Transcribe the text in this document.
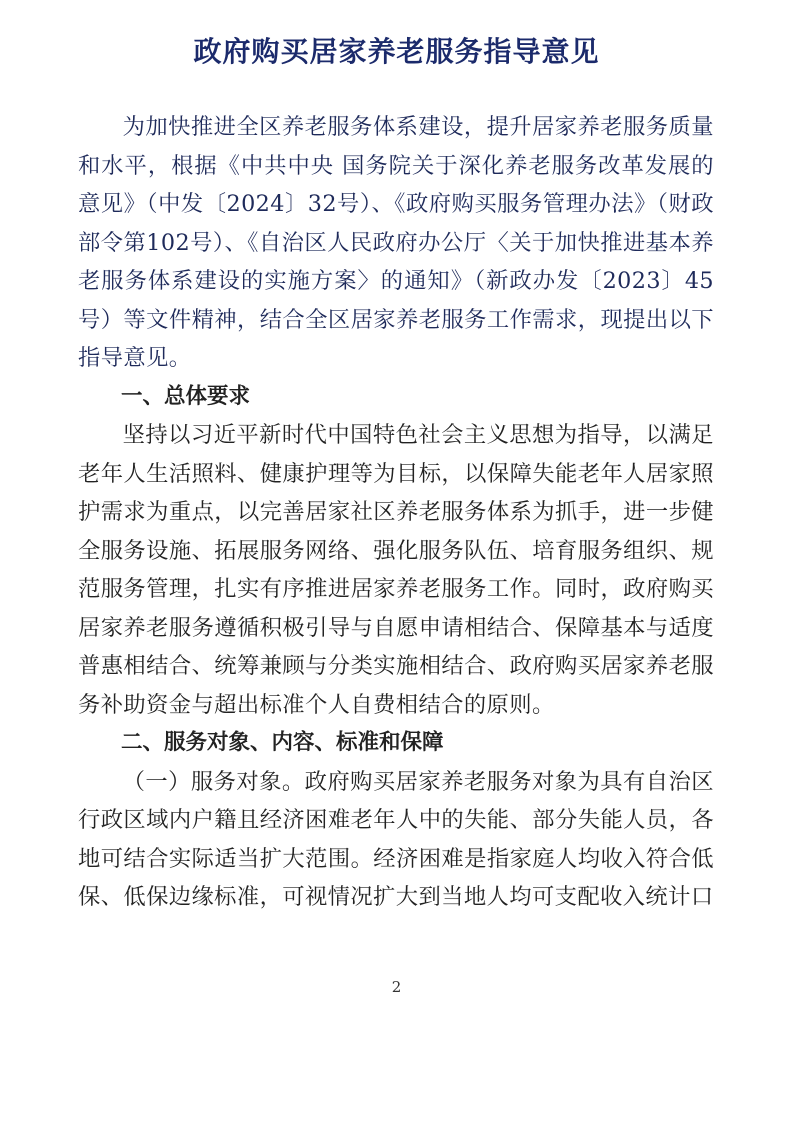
政府购买居家养老服务指导意见

为加快推进全区养老服务体系建设，提升居家养老服务质量和水平，根据《中共中央 国务院关于深化养老服务改革发展的意见》（中发〔2024〕32号）、《政府购买服务管理办法》（财政部令第102号）、《自治区人民政府办公厅〈关于加快推进基本养老服务体系建设的实施方案〉的通知》（新政办发〔2023〕45号）等文件精神，结合全区居家养老服务工作需求，现提出以下指导意见。

一、总体要求

坚持以习近平新时代中国特色社会主义思想为指导，以满足老年人生活照料、健康护理等为目标，以保障失能老年人居家照护需求为重点，以完善居家社区养老服务体系为抓手，进一步健全服务设施、拓展服务网络、强化服务队伍、培育服务组织、规范服务管理，扎实有序推进居家养老服务工作。同时，政府购买居家养老服务遵循积极引导与自愿申请相结合、保障基本与适度普惠相结合、统筹兼顾与分类实施相结合、政府购买居家养老服务补助资金与超出标准个人自费相结合的原则。

二、服务对象、内容、标准和保障

（一）服务对象。政府购买居家养老服务对象为具有自治区行政区域内户籍且经济困难老年人中的失能、部分失能人员，各地可结合实际适当扩大范围。经济困难是指家庭人均收入符合低保、低保边缘标准，可视情况扩大到当地人均可支配收入统计口

2
